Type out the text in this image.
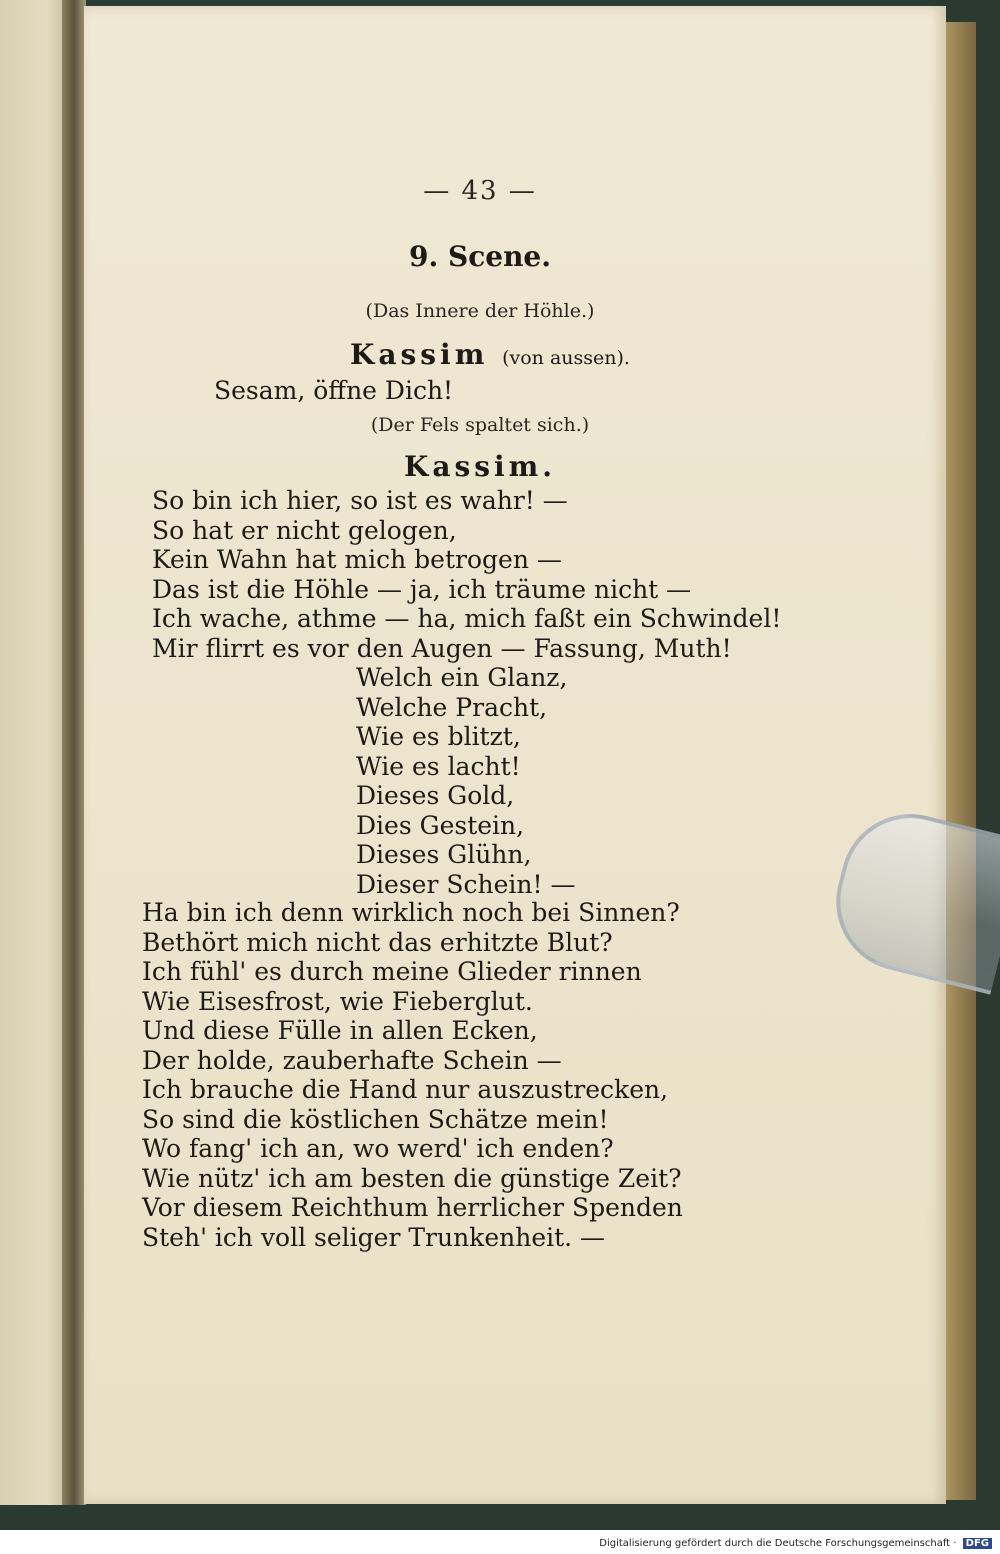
— 43 —
9. Scene.
(Das Innere der Höhle.)
Kassim (von aussen).
Sesam, öffne Dich!
(Der Fels spaltet sich.)
Kassim.
So bin ich hier, so ist es wahr! —
So hat er nicht gelogen,
Kein Wahn hat mich betrogen —
Das ist die Höhle — ja, ich träume nicht —
Ich wache, athme — ha, mich faßt ein Schwindel!
Mir flirrt es vor den Augen — Fassung, Muth!
Welch ein Glanz,
Welche Pracht,
Wie es blitzt,
Wie es lacht!
Dieses Gold,
Dies Gestein,
Dieses Glühn,
Dieser Schein! —
Ha bin ich denn wirklich noch bei Sinnen?
Bethört mich nicht das erhitzte Blut?
Ich fühl' es durch meine Glieder rinnen
Wie Eisesfrost, wie Fieberglut.
Und diese Fülle in allen Ecken,
Der holde, zauberhafte Schein —
Ich brauche die Hand nur auszustrecken,
So sind die köstlichen Schätze mein!
Wo fang' ich an, wo werd' ich enden?
Wie nütz' ich am besten die günstige Zeit?
Vor diesem Reichthum herrlicher Spenden
Steh' ich voll seliger Trunkenheit. —
Digitalisierung gefördert durch die Deutsche Forschungsgemeinschaft · DFG
